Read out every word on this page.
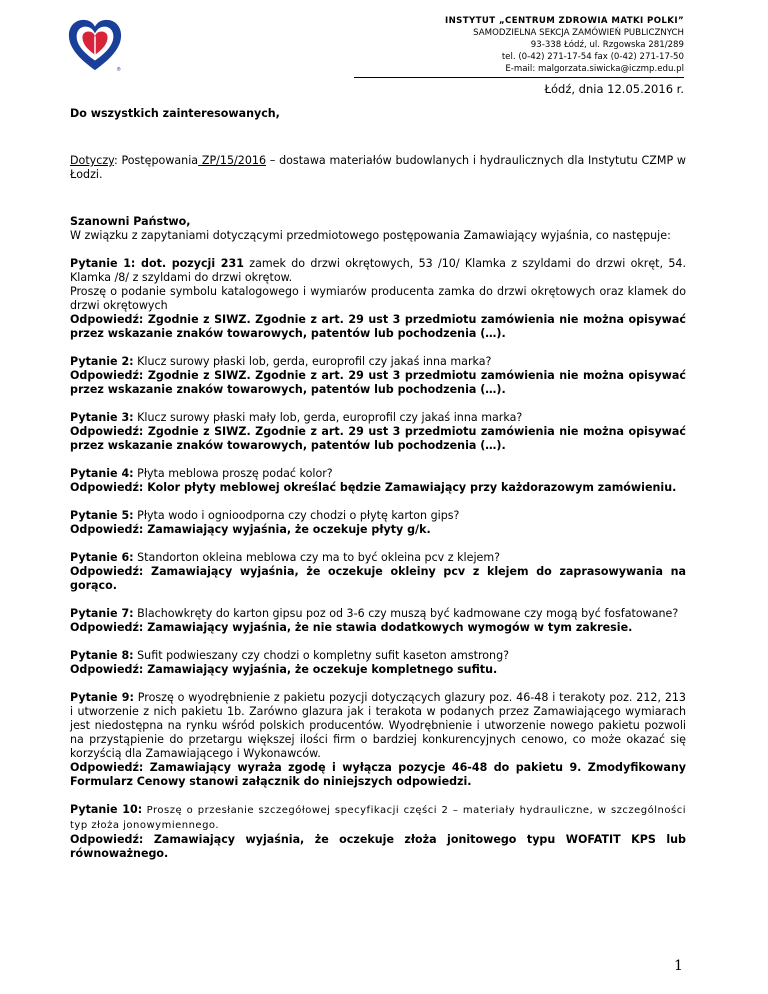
®
INSTYTUT „CENTRUM ZDROWIA MATKI POLKI”
SAMODZIELNA SEKCJA ZAMÓWIEŃ PUBLICZNYCH
93-338 Łódź, ul. Rzgowska 281/289
tel. (0-42) 271-17-54 fax (0-42) 271-17-50
E-mail: malgorzata.siwicka@iczmp.edu.pl
Łódź, dnia 12.05.2016 r.

Do wszystkich zainteresowanych,

Dotyczy: Postępowania ZP/15/2016 – dostawa materiałów budowlanych i hydraulicznych dla Instytutu CZMP w Łodzi.

Szanowni Państwo,

W związku z zapytaniami dotyczącymi przedmiotowego postępowania Zamawiający wyjaśnia, co następuje:

Pytanie 1: dot. pozycji 231 zamek do drzwi okrętowych, 53 /10/ Klamka z szyldami do drzwi okręt, 54. Klamka /8/ z szyldami do drzwi okrętow.

Proszę o podanie symbolu katalogowego i wymiarów producenta zamka do drzwi okrętowych oraz klamek do drzwi okrętowych

Odpowiedź: Zgodnie z SIWZ. Zgodnie z art. 29 ust 3 przedmiotu zamówienia nie można opisywać przez wskazanie znaków towarowych, patentów lub pochodzenia (…).

Pytanie 2: Klucz surowy płaski lob, gerda, europrofil czy jakaś inna marka?

Odpowiedź: Zgodnie z SIWZ. Zgodnie z art. 29 ust 3 przedmiotu zamówienia nie można opisywać przez wskazanie znaków towarowych, patentów lub pochodzenia (…).

Pytanie 3: Klucz surowy płaski mały lob, gerda, europrofil czy jakaś inna marka?

Odpowiedź: Zgodnie z SIWZ. Zgodnie z art. 29 ust 3 przedmiotu zamówienia nie można opisywać przez wskazanie znaków towarowych, patentów lub pochodzenia (…).

Pytanie 4: Płyta meblowa proszę podać kolor?

Odpowiedź: Kolor płyty meblowej określać będzie Zamawiający przy każdorazowym zamówieniu.

Pytanie 5: Płyta wodo i ognioodporna czy chodzi o płytę karton gips?

Odpowiedź: Zamawiający wyjaśnia, że oczekuje płyty g/k.

Pytanie 6: Standorton okleina meblowa czy ma to być okleina pcv z klejem?

Odpowiedź: Zamawiający wyjaśnia, że oczekuje okleiny pcv z klejem do zaprasowywania na gorąco.

Pytanie 7: Blachowkręty do karton gipsu poz od 3-6 czy muszą być kadmowane czy mogą być fosfatowane?

Odpowiedź: Zamawiający wyjaśnia, że nie stawia dodatkowych wymogów w tym zakresie.

Pytanie 8: Sufit podwieszany czy chodzi o kompletny sufit kaseton amstrong?

Odpowiedź: Zamawiający wyjaśnia, że oczekuje kompletnego sufitu.

Pytanie 9: Proszę o wyodrębnienie z pakietu pozycji dotyczących glazury poz. 46-48 i terakoty poz. 212, 213 i utworzenie z nich pakietu 1b. Zarówno glazura jak i terakota w podanych przez Zamawiającego wymiarach jest niedostępna na rynku wśród polskich producentów. Wyodrębnienie i utworzenie nowego pakietu pozwoli na przystąpienie do przetargu większej ilości firm o bardziej konkurencyjnych cenowo, co może okazać się korzyścią dla Zamawiającego i Wykonawców.

Odpowiedź: Zamawiający wyraża zgodę i wyłącza pozycje 46-48 do pakietu 9. Zmodyfikowany Formularz Cenowy stanowi załącznik do niniejszych odpowiedzi.

Pytanie 10: Proszę o przesłanie szczegółowej specyfikacji części 2 – materiały hydrauliczne, w szczególności typ złoża jonowymiennego.

Odpowiedź: Zamawiający wyjaśnia, że oczekuje złoża jonitowego typu WOFATIT KPS lub równoważnego.

1
